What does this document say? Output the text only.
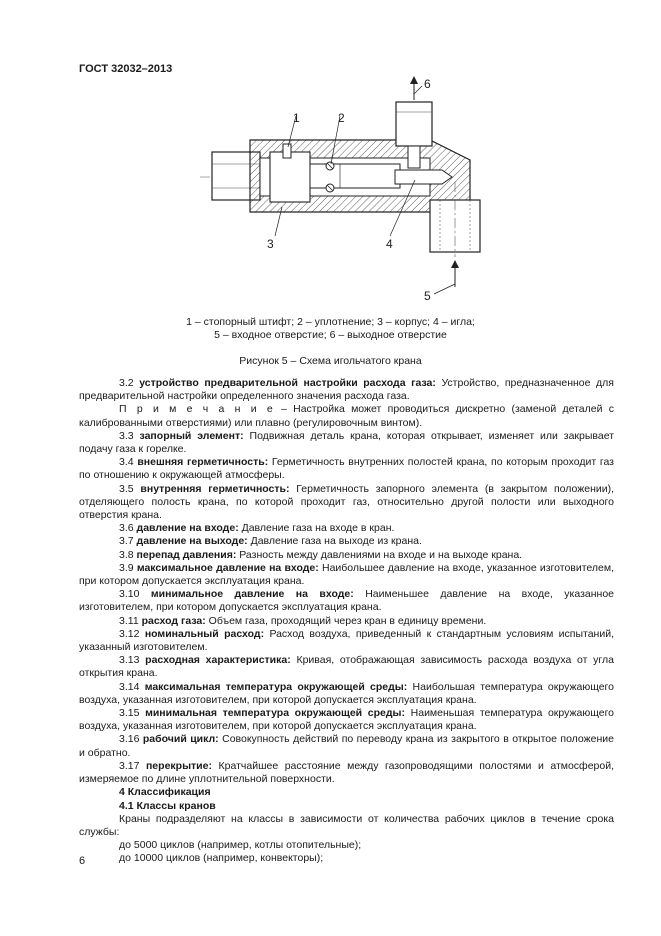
ГОСТ 32032–2013
1	2
3	4
5
6
1 – стопорный штифт; 2 – уплотнение; 3 – корпус; 4 – игла;
5 – входное отверстие; 6 – выходное отверстие
Рисунок 5 – Схема игольчатого крана

3.2 устройство предварительной настройки расхода газа: Устройство, предназначенное для предварительной настройки определенного значения расхода газа.

П р и м е ч а н и е – Настройка может проводиться дискретно (заменой деталей с калиброванными отверстиями) или плавно (регулировочным винтом).

3.3 запорный элемент: Подвижная деталь крана, которая открывает, изменяет или закрывает подачу газа к горелке.

3.4 внешняя герметичность: Герметичность внутренних полостей крана, по которым проходит газ по отношению к окружающей атмосферы.

3.5 внутренняя герметичность: Герметичность запорного элемента (в закрытом положении), отделяющего полость крана, по которой проходит газ, относительно другой полости или выходного отверстия крана.

3.6 давление на входе: Давление газа на входе в кран.

3.7 давление на выходе: Давление газа на выходе из крана.

3.8 перепад давления: Разность между давлениями на входе и на выходе крана.

3.9 максимальное давление на входе: Наибольшее давление на входе, указанное изготовителем, при котором допускается эксплуатация крана.

3.10 минимальное давление на входе: Наименьшее давление на входе, указанное изготовителем, при котором допускается эксплуатация крана.

3.11 расход газа: Объем газа, проходящий через кран в единицу времени.

3.12 номинальный расход: Расход воздуха, приведенный к стандартным условиям испытаний, указанный изготовителем.

3.13 расходная характеристика: Кривая, отображающая зависимость расхода воздуха от угла открытия крана.

3.14 максимальная температура окружающей среды: Наибольшая температура окружающего воздуха, указанная изготовителем, при которой допускается эксплуатация крана.

3.15 минимальная температура окружающей среды: Наименьшая температура окружающего воздуха, указанная изготовителем, при которой допускается эксплуатация крана.

3.16 рабочий цикл: Совокупность действий по переводу крана из закрытого в открытое положение и обратно.

3.17 перекрытие: Кратчайшее расстояние между газопроводящими полостями и атмосферой, измеряемое по длине уплотнительной поверхности.

4 Классификация

4.1 Классы кранов

Краны подразделяют на классы в зависимости от количества рабочих циклов в течение срока службы:

до 5000 циклов (например, котлы отопительные);

до 10000 циклов (например, конвекторы);

6
